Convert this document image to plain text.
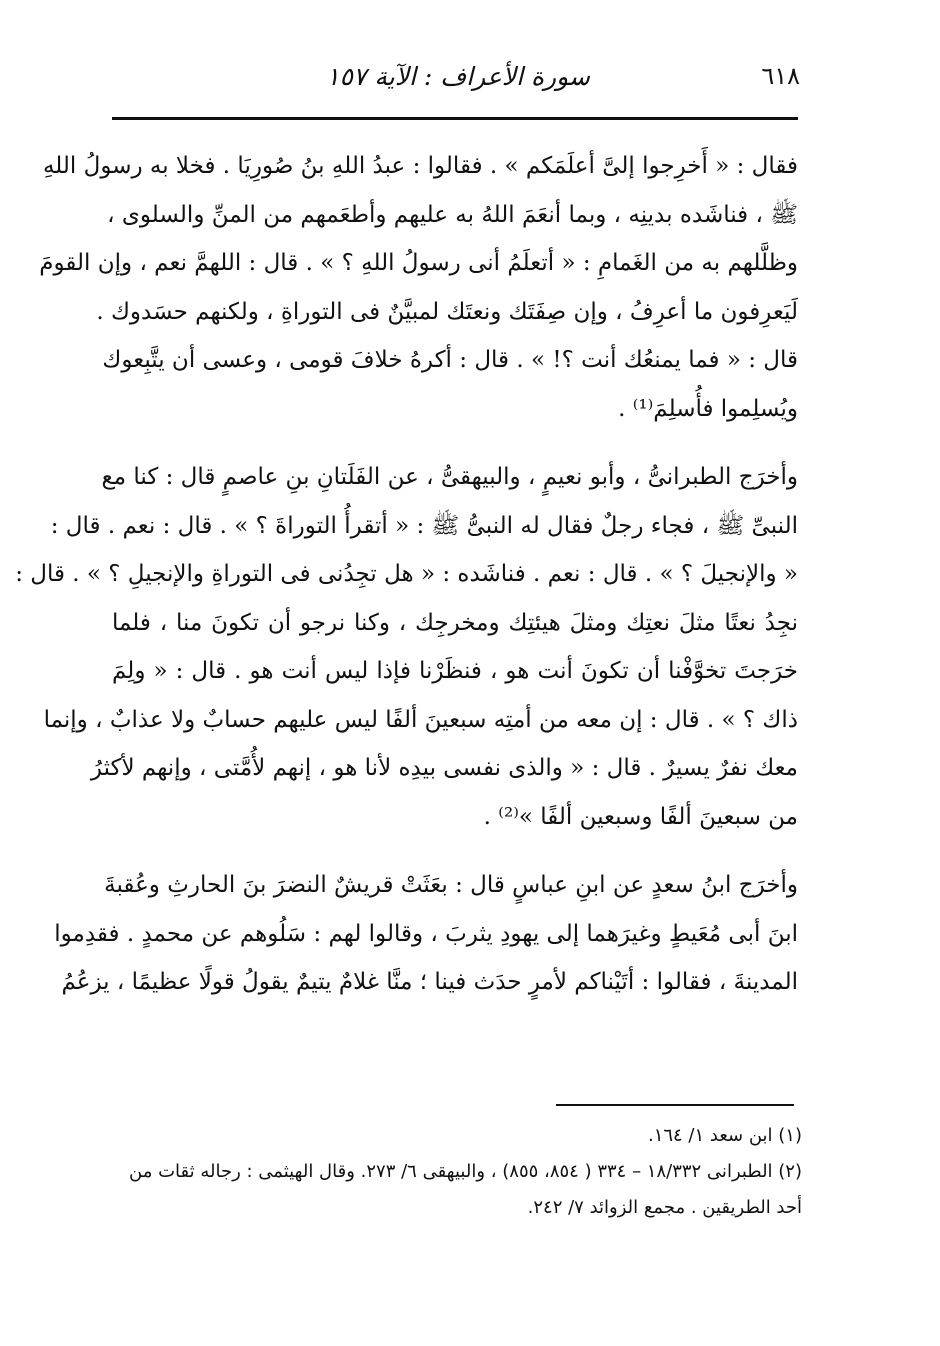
٦١٨
سورة الأعراف : الآية ١٥٧

فقال : « أَخرِجوا إلىَّ أعلَمَكم » . فقالوا : عبدُ اللهِ بنُ صُورِيَا . فخلا به رسولُ اللهِ
ﷺ ، فناشَده بدينِه ، وبما أنعَمَ اللهُ به عليهم وأطعَمهم من المنِّ والسلوى ،
وظلَّلهم به من الغَمامِ : « أتعلَمُ أنى رسولُ اللهِ ؟ » . قال : اللهمَّ نعم ، وإن القومَ
لَيَعرِفون ما أعرِفُ ، وإن صِفَتَك ونعتَك لمبيَّنٌ فى التوراةِ ، ولكنهم حسَدوك .
قال : « فما يمنعُك أنت ؟! » . قال : أكرهُ خلافَ قومى ، وعسى أن يتَّبِعوك
ويُسلِموا فأُسلِمَ⁽¹⁾ .

وأخرَج الطبرانىُّ ، وأبو نعيمٍ ، والبيهقىُّ ، عن الفَلَتانِ بنِ عاصمٍ قال : كنا مع
النبىِّ ﷺ ، فجاء رجلٌ فقال له النبىُّ ﷺ : « أتقرأُ التوراةَ ؟ » . قال : نعم . قال :
« والإنجيلَ ؟ » . قال : نعم . فناشَده : « هل تجِدُنى فى التوراةِ والإنجيلِ ؟ » . قال :
نجِدُ نعتًا مثلَ نعتِك ومثلَ هيئتِك ومخرجِك ، وكنا نرجو أن تكونَ منا ، فلما
خرَجتَ تخوَّفْنا أن تكونَ أنت هو ، فنظَرْنا فإذا ليس أنت هو . قال : « ولِمَ
ذاك ؟ » . قال : إن معه من أمتِه سبعينَ ألفًا ليس عليهم حسابٌ ولا عذابٌ ، وإنما
معك نفرٌ يسيرٌ . قال : « والذى نفسى بيدِه لأنا هو ، إنهم لأُمَّتى ، وإنهم لأكثرُ
من سبعينَ ألفًا وسبعين ألفًا »⁽²⁾ .

وأخرَج ابنُ سعدٍ عن ابنِ عباسٍ قال : بعَثَتْ قريشٌ النضرَ بنَ الحارثِ وعُقبةَ
ابنَ أبى مُعَيطٍ وغيرَهما إلى يهودِ يثربَ ، وقالوا لهم : سَلُوهم عن محمدٍ . فقدِموا
المدينةَ ، فقالوا : أتَيْناكم لأمرٍ حدَث فينا ؛ منَّا غلامٌ يتيمٌ يقولُ قولًا عظيمًا ، يزعُمُ

(١) ابن سعد ١/ ١٦٤.
(٢) الطبرانى ١٨/٣٣٢ – ٣٣٤ ( ٨٥٤، ٨٥٥) ، والبيهقى ٦/ ٢٧٣. وقال الهيثمى : رجاله ثقات من
أحد الطريقين . مجمع الزوائد ٧/ ٢٤٢.
